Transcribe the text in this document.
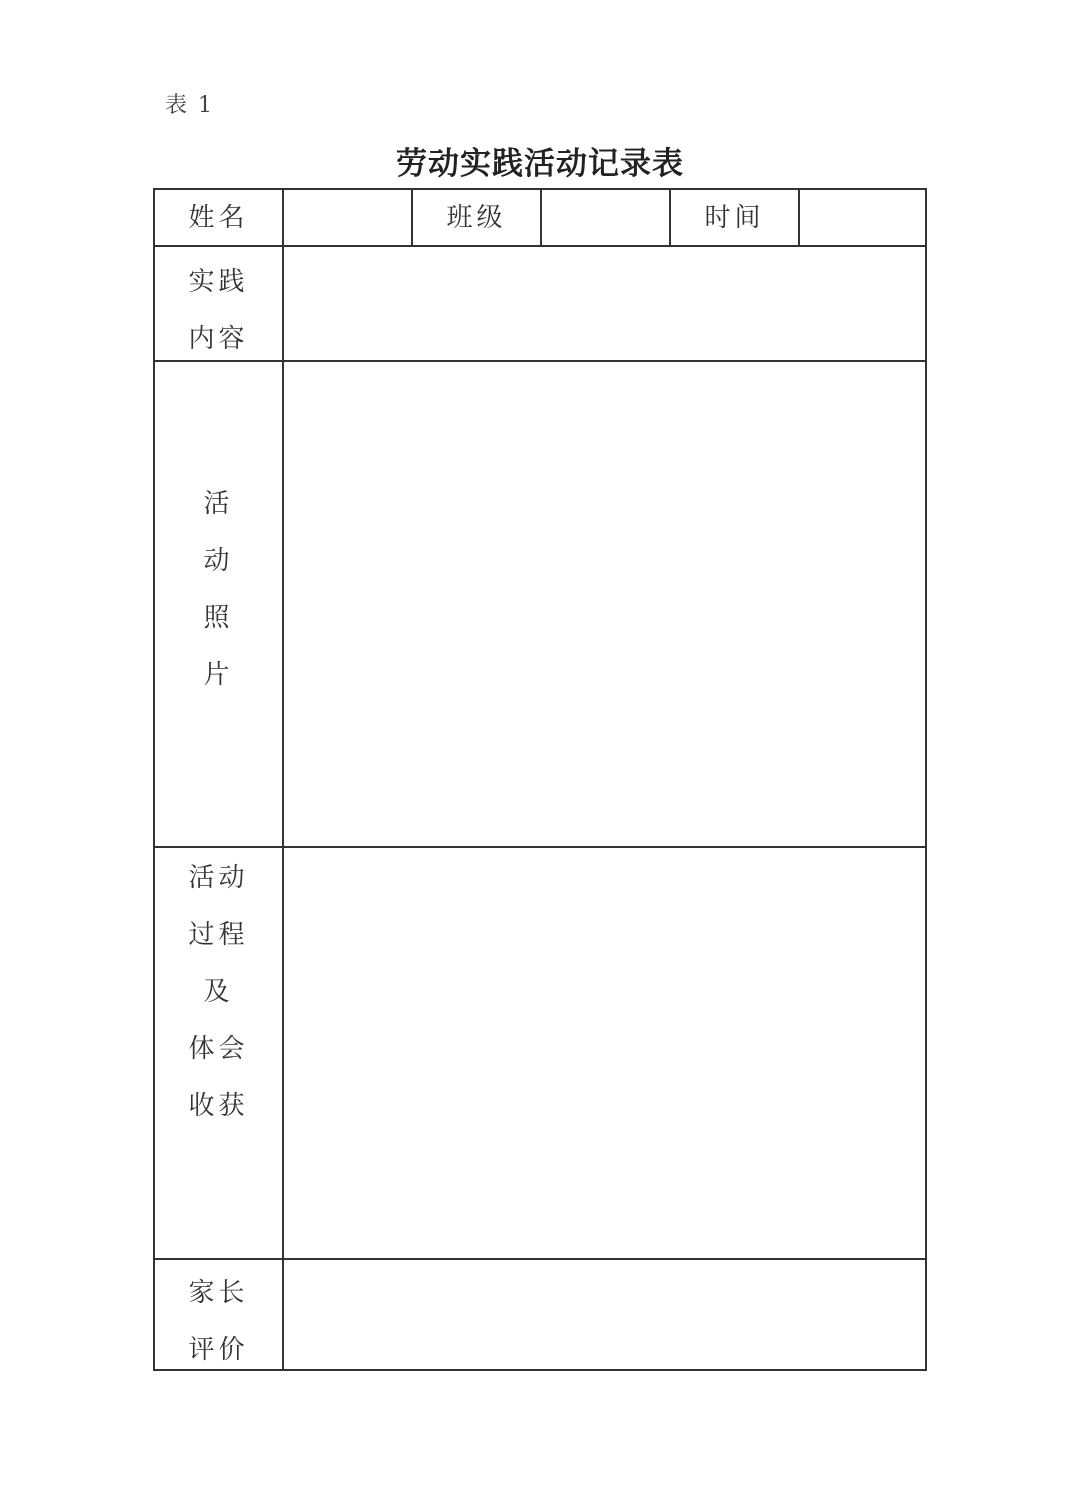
表 1
劳动实践活动记录表
姓名	班级	时间
实践
内容
活
动
照
片
活动
过程
及
体会
收获
家长
评价
